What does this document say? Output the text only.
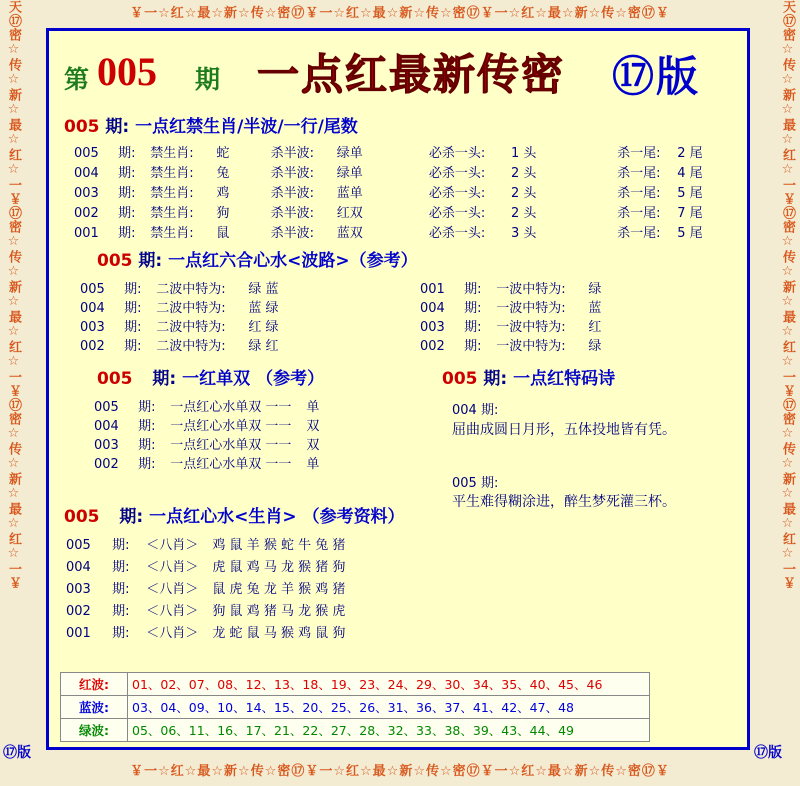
￥一☆红☆最☆新☆传☆密⑰￥一☆红☆最☆新☆传☆密⑰￥一☆红☆最☆新☆传☆密⑰￥
￥一☆红☆最☆新☆传☆密⑰￥一☆红☆最☆新☆传☆密⑰￥一☆红☆最☆新☆传☆密⑰￥
天⑰密☆传☆新☆最☆红☆一￥⑰密☆传☆新☆最☆红☆一￥⑰密☆传☆新☆最☆红☆一￥	天⑰密☆传☆新☆最☆红☆一￥⑰密☆传☆新☆最☆红☆一￥⑰密☆传☆新☆最☆红☆一￥
⑰版	⑰版
第 005 期 一点红最新传密 ⑰版
005 期: 一点红禁生肖/半波/一行/尾数
005 期: 禁生肖: 蛇	杀半波: 绿单	必杀一头: 1 头	杀一尾: 2 尾
004 期: 禁生肖: 兔	杀半波: 绿单	必杀一头: 2 头	杀一尾: 4 尾
003 期: 禁生肖: 鸡	杀半波: 蓝单	必杀一头: 2 头	杀一尾: 5 尾
002 期: 禁生肖: 狗	杀半波: 红双	必杀一头: 2 头	杀一尾: 7 尾
001 期: 禁生肖: 鼠	杀半波: 蓝双	必杀一头: 3 头	杀一尾: 5 尾
005 期: 一点红六合心水<波路>（参考）
005 期: 二波中特为: 绿 蓝
004 期: 二波中特为: 蓝 绿
003 期: 二波中特为: 红 绿
002 期: 二波中特为: 绿 红
001 期: 一波中特为: 绿
004 期: 一波中特为: 蓝
003 期: 一波中特为: 红
002 期: 一波中特为: 绿
005 期: 一红单双 （参考）
005 期: 一点红心水单双 一一 单
004 期: 一点红心水单双 一一 双
003 期: 一点红心水单双 一一 双
002 期: 一点红心水单双 一一 单
005 期: 一点红特码诗
004 期:
屈曲成圆日月形，五体投地皆有凭。
005 期:
平生难得糊涂进，醉生梦死灌三杯。
005 期: 一点红心水<生肖> （参考资料）
005 期: ＜八肖＞ 鸡 鼠 羊 猴 蛇 牛 兔 猪
004 期: ＜八肖＞ 虎 鼠 鸡 马 龙 猴 猪 狗
003 期: ＜八肖＞ 鼠 虎 兔 龙 羊 猴 鸡 猪
002 期: ＜八肖＞ 狗 鼠 鸡 猪 马 龙 猴 虎
001 期: ＜八肖＞ 龙 蛇 鼠 马 猴 鸡 鼠 狗
红波:	01、02、07、08、12、13、18、19、23、24、29、30、34、35、40、45、46
蓝波:	03、04、09、10、14、15、20、25、26、31、36、37、41、42、47、48
绿波:	05、06、11、16、17、21、22、27、28、32、33、38、39、43、44、49
